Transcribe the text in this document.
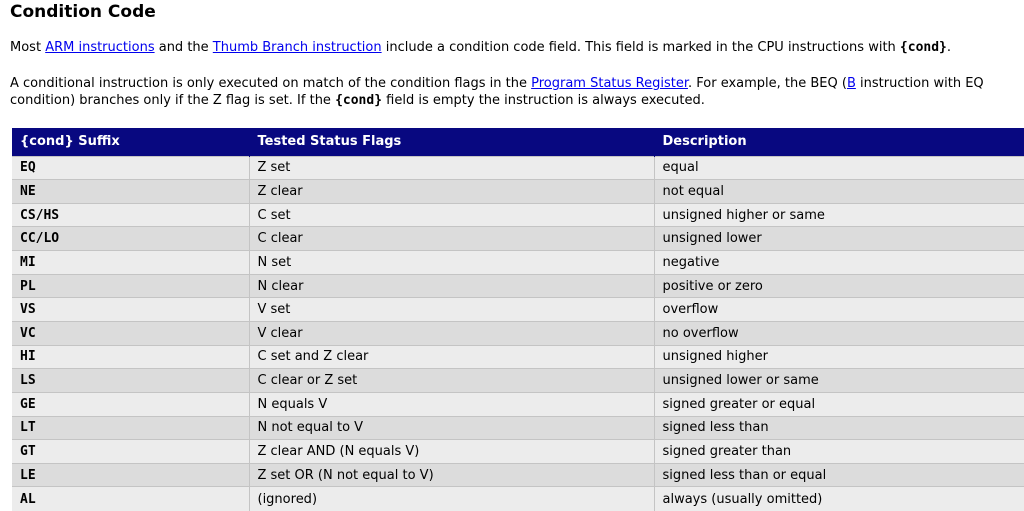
Condition Code

Most ARM instructions and the Thumb Branch instruction include a condition code field. This field is marked in the CPU instructions with {cond}.

A conditional instruction is only executed on match of the condition flags in the Program Status Register. For example, the BEQ (B instruction with EQ condition) branches only if the Z flag is set. If the {cond} field is empty the instruction is always executed.

{cond} Suffix	Tested Status Flags	Description
EQ	Z set	equal
NE	Z clear	not equal
CS/HS	C set	unsigned higher or same
CC/LO	C clear	unsigned lower
MI	N set	negative
PL	N clear	positive or zero
VS	V set	overflow
VC	V clear	no overflow
HI	C set and Z clear	unsigned higher
LS	C clear or Z set	unsigned lower or same
GE	N equals V	signed greater or equal
LT	N not equal to V	signed less than
GT	Z clear AND (N equals V)	signed greater than
LE	Z set OR (N not equal to V)	signed less than or equal
AL	(ignored)	always (usually omitted)
